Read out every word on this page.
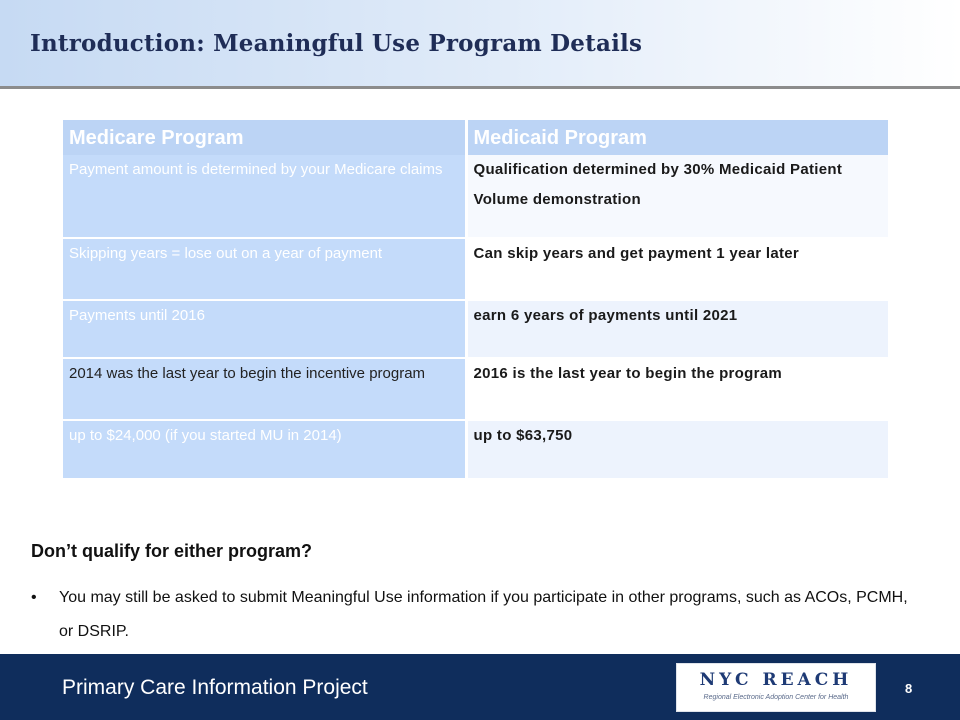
Introduction: Meaningful Use Program Details
Medicare Program	Medicaid Program
Payment amount is determined by your Medicare claims	Qualification determined by 30% Medicaid Patient Volume demonstration
Skipping years = lose out on a year of payment	Can skip years and get payment 1 year later
Payments until 2016	earn 6 years of payments until 2021
2014 was the last year to begin the incentive program	2016 is the last year to begin the program
up to $24,000 (if you started MU in 2014)	up to $63,750
Don’t qualify for either program?
• You may still be asked to submit Meaningful Use information if you participate in other programs, such as ACOs, PCMH, or DSRIP.
Primary Care Information Project	NYC REACH
Regional Electronic Adoption Center for Health
8
